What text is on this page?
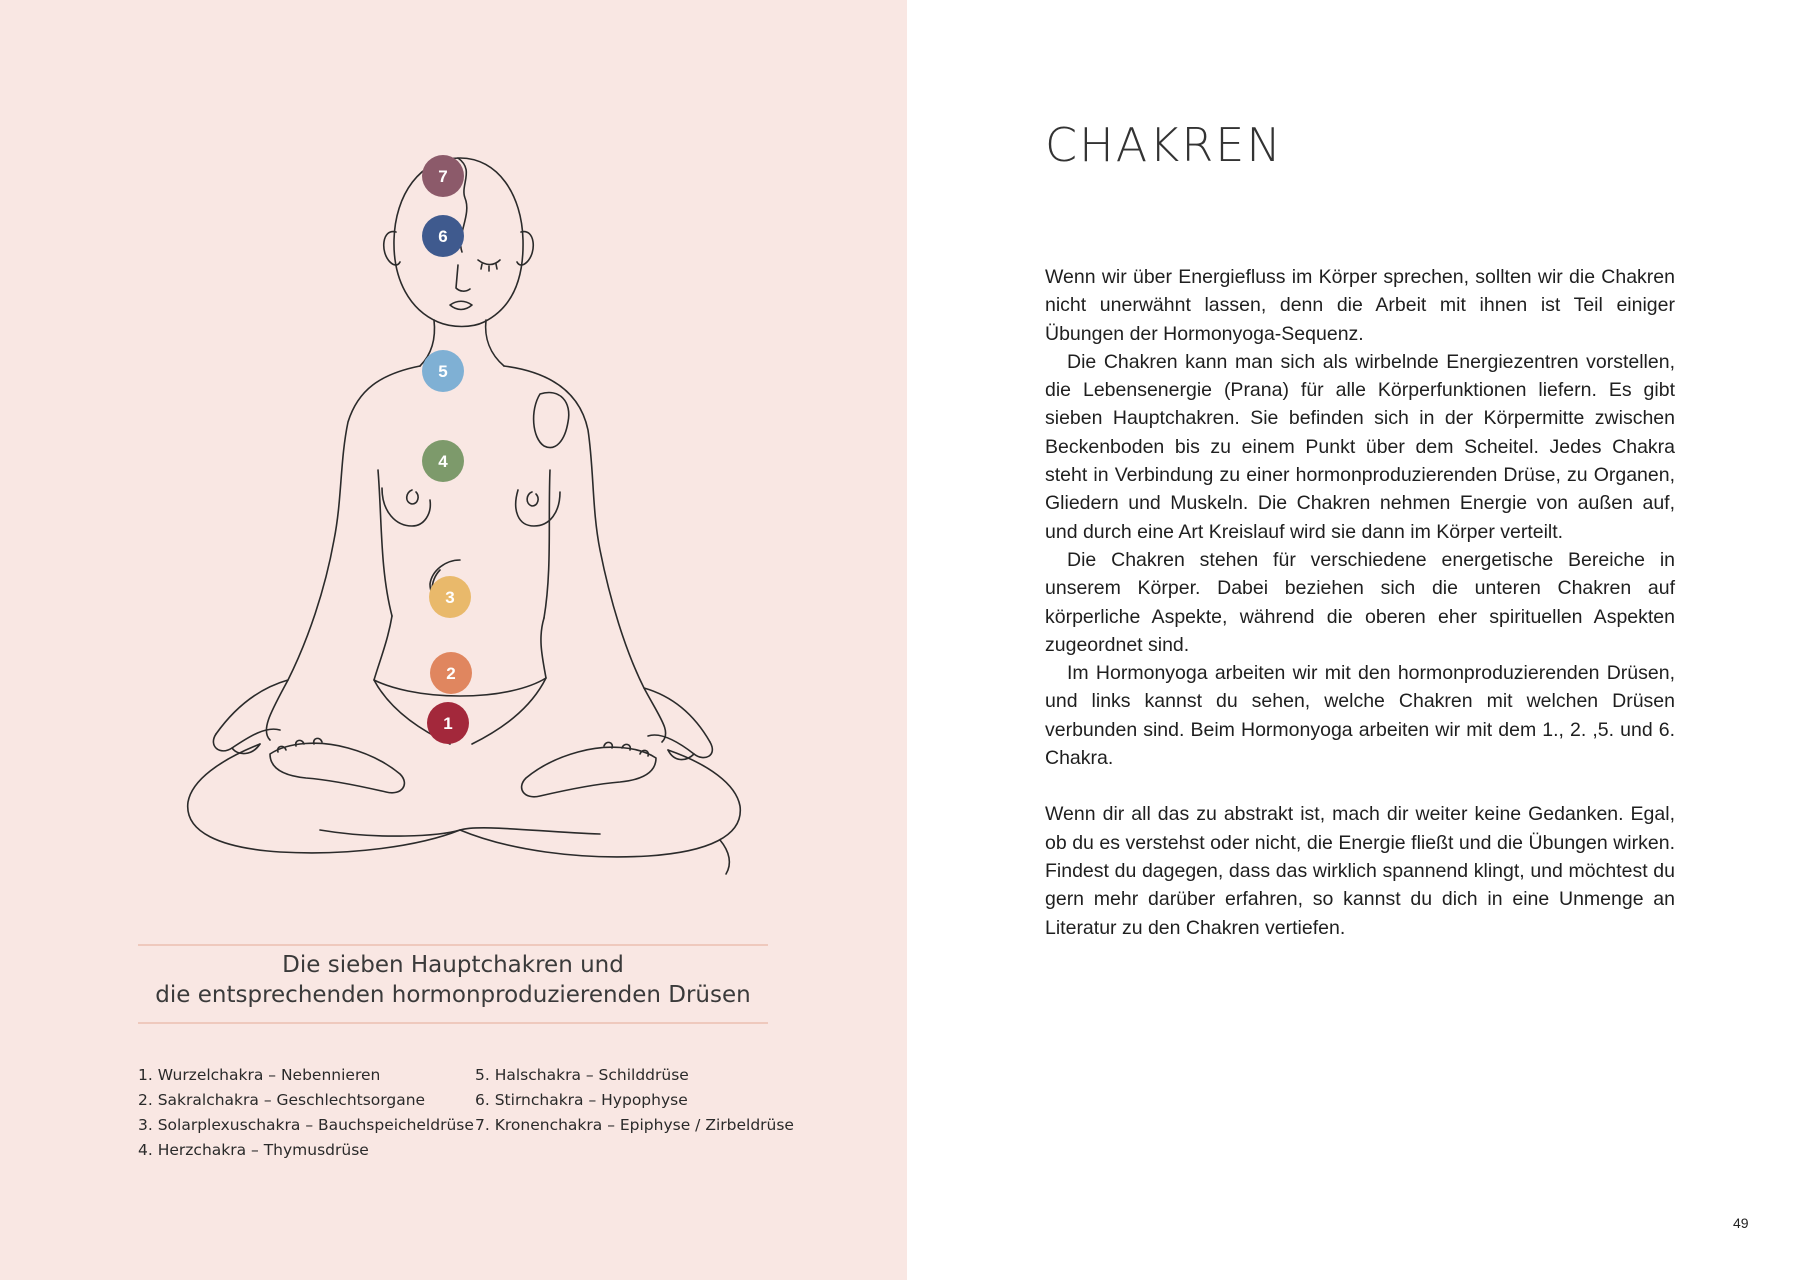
7
6
5
4
3
2
1
Die sieben Hauptchakren und
die entsprechenden hormonproduzierenden Drüsen
1. Wurzelchakra – Nebennieren
2. Sakralchakra – Geschlechtsorgane
3. Solarplexuschakra – Bauchspeicheldrüse
4. Herzchakra – Thymusdrüse
5. Halschakra – Schilddrüse
6. Stirnchakra – Hypophyse
7. Kronenchakra – Epiphyse / Zirbeldrüse
CHAKREN

Wenn wir über Energiefluss im Körper sprechen, sollten wir die Chakren nicht unerwähnt lassen, denn die Arbeit mit ihnen ist Teil einiger Übungen der Hormonyoga-Sequenz.

Die Chakren kann man sich als wirbelnde Energiezentren vorstellen, die Lebensenergie (Prana) für alle Körperfunktionen liefern. Es gibt sieben Hauptchakren. Sie befinden sich in der Körpermitte zwischen Beckenboden bis zu einem Punkt über dem Scheitel. Jedes Chakra steht in Verbindung zu einer hormonproduzierenden Drüse, zu Organen, Gliedern und Muskeln. Die Chakren nehmen Energie von außen auf, und durch eine Art Kreislauf wird sie dann im Körper verteilt.

Die Chakren stehen für verschiedene energetische Bereiche in unserem Körper. Dabei beziehen sich die unteren Chakren auf körperliche Aspekte, während die oberen eher spirituellen Aspekten zugeordnet sind.

Im Hormonyoga arbeiten wir mit den hormonproduzierenden Drüsen, und links kannst du sehen, welche Chakren mit welchen Drüsen verbunden sind. Beim Hormonyoga arbeiten wir mit dem 1., 2. ,5. und 6. Chakra.

Wenn dir all das zu abstrakt ist, mach dir weiter keine Gedanken. Egal, ob du es verstehst oder nicht, die Energie fließt und die Übungen wirken. Findest du dagegen, dass das wirklich spannend klingt, und möchtest du gern mehr darüber erfahren, so kannst du dich in eine Unmenge an Literatur zu den Chakren vertiefen.

49
